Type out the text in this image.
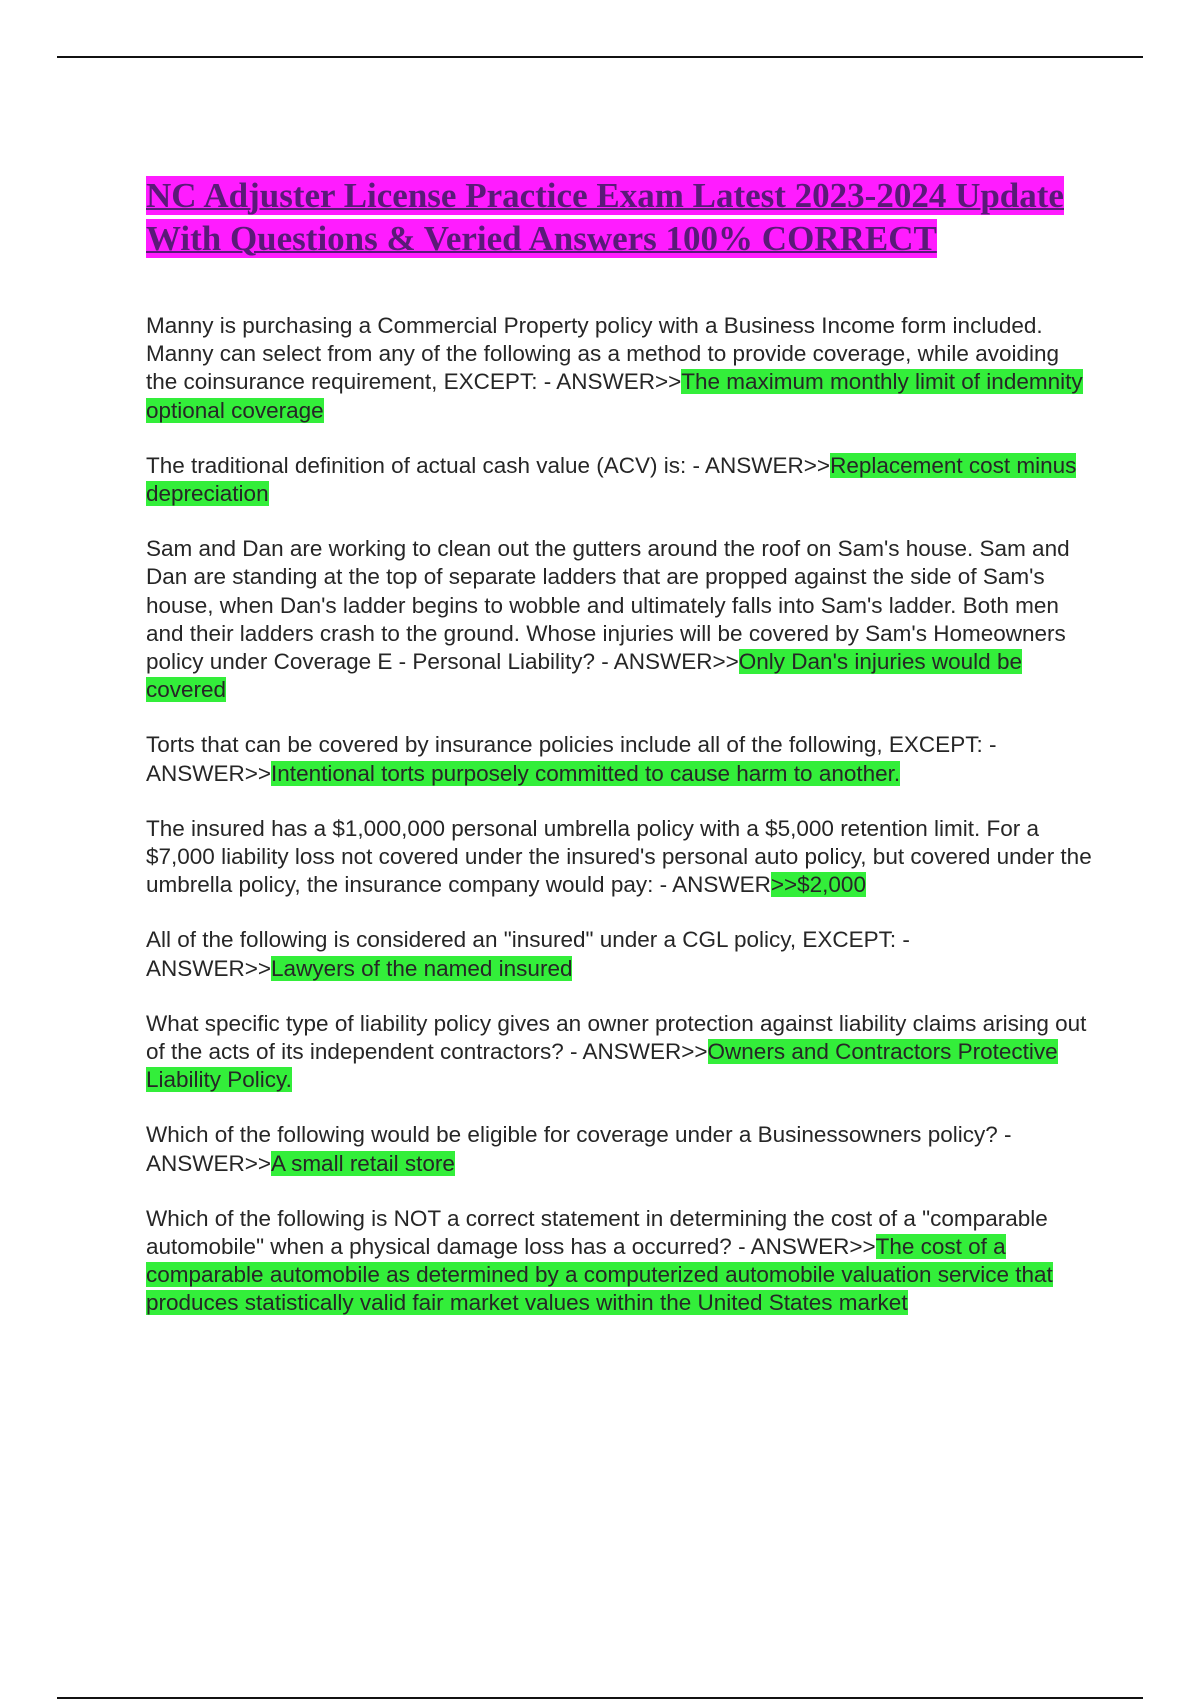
NC Adjuster License Practice Exam Latest 2023-2024 Update With Questions & Veried Answers 100% CORRECT

Manny is purchasing a Commercial Property policy with a Business Income form included. Manny can select from any of the following as a method to provide coverage, while avoiding the coinsurance requirement, EXCEPT: - ANSWER>>The maximum monthly limit of indemnity optional coverage

The traditional definition of actual cash value (ACV) is: - ANSWER>>Replacement cost minus depreciation

Sam and Dan are working to clean out the gutters around the roof on Sam's house. Sam and Dan are standing at the top of separate ladders that are propped against the side of Sam's house, when Dan's ladder begins to wobble and ultimately falls into Sam's ladder. Both men and their ladders crash to the ground. Whose injuries will be covered by Sam's Homeowners policy under Coverage E - Personal Liability? - ANSWER>>Only Dan's injuries would be covered

Torts that can be covered by insurance policies include all of the following, EXCEPT: - ANSWER>>Intentional torts purposely committed to cause harm to another.

The insured has a $1,000,000 personal umbrella policy with a $5,000 retention limit. For a $7,000 liability loss not covered under the insured's personal auto policy, but covered under the umbrella policy, the insurance company would pay: - ANSWER>>$2,000

All of the following is considered an "insured" under a CGL policy, EXCEPT: - ANSWER>>Lawyers of the named insured

What specific type of liability policy gives an owner protection against liability claims arising out of the acts of its independent contractors? - ANSWER>>Owners and Contractors Protective Liability Policy.

Which of the following would be eligible for coverage under a Businessowners policy? - ANSWER>>A small retail store

Which of the following is NOT a correct statement in determining the cost of a "comparable automobile" when a physical damage loss has a occurred? - ANSWER>>The cost of a comparable automobile as determined by a computerized automobile valuation service that produces statistically valid fair market values within the United States market
